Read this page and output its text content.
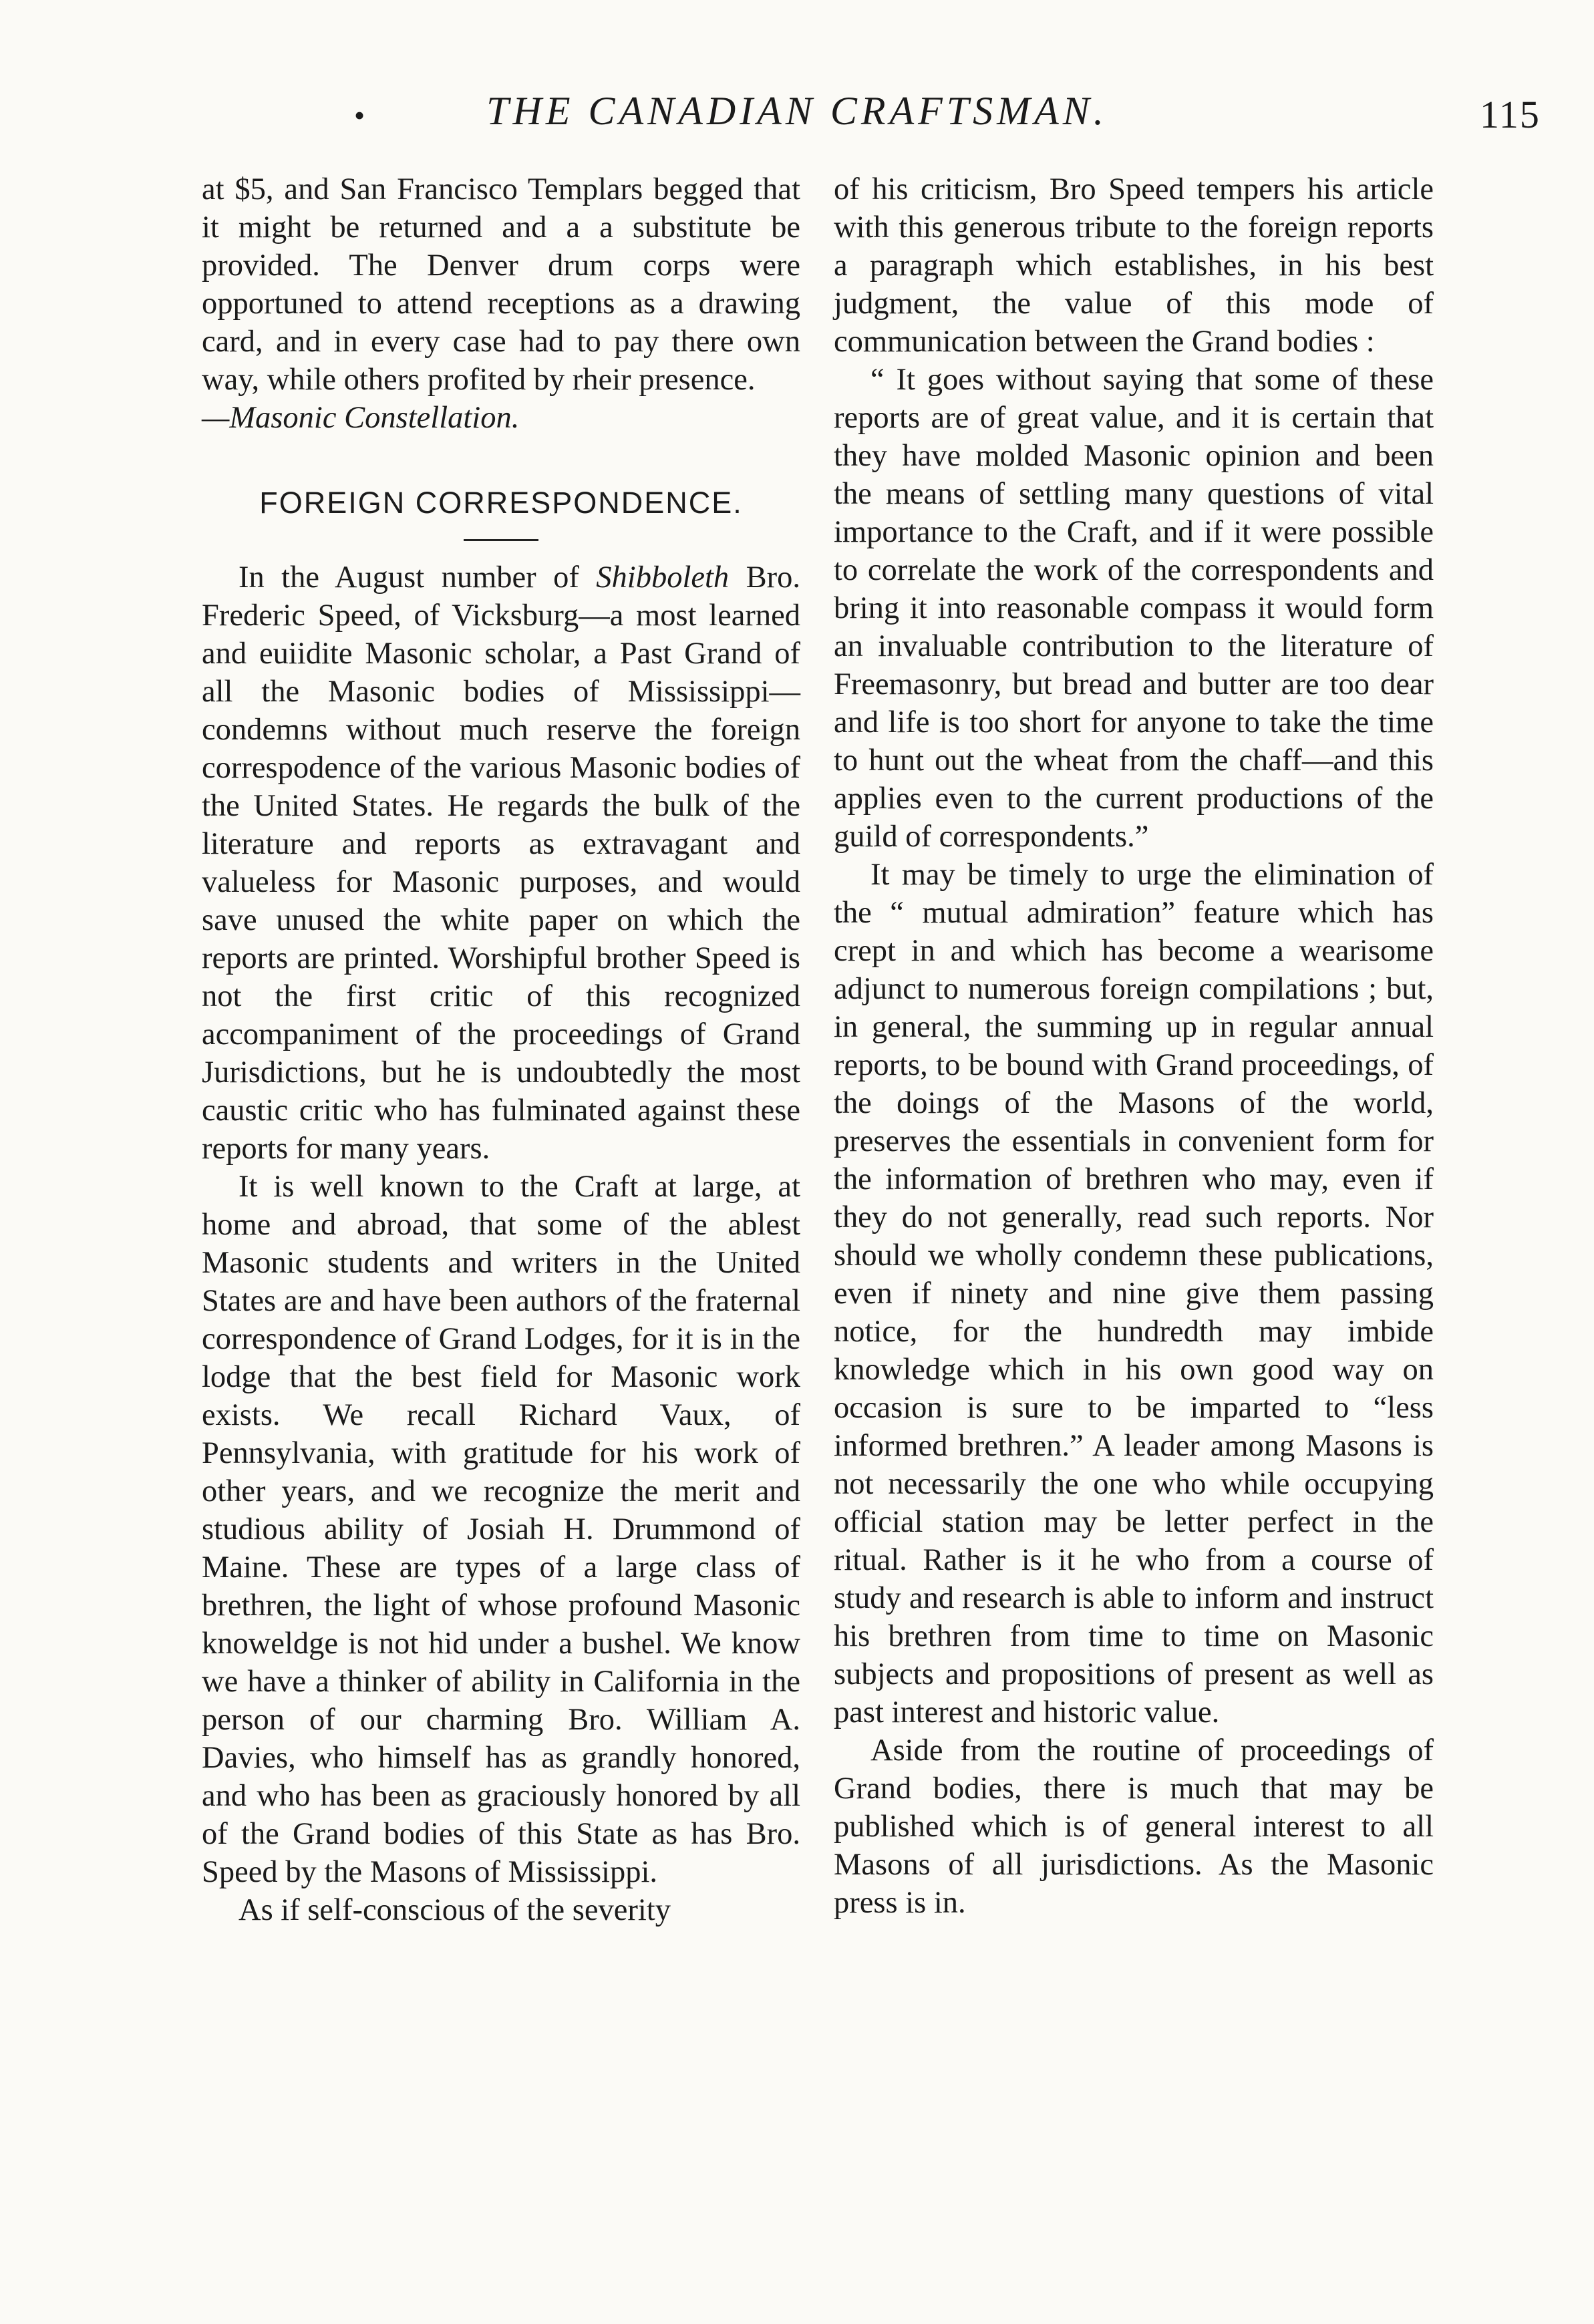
•	THE CANADIAN CRAFTSMAN.	115

at $5, and San Francisco Templars begged that it might be returned and a a substitute be provided. The Denver drum corps were opportuned to attend receptions as a drawing card, and in every case had to pay there own way, while others profited by rheir presence.
—Masonic Constellation.

FOREIGN CORRESPONDENCE.

In the August number of Shibboleth Bro. Frederic Speed, of Vicksburg—a most learned and euiidite Masonic scholar, a Past Grand of all the Masonic bodies of Mississippi—condemns without much reserve the foreign correspodence of the various Masonic bodies of the United States. He regards the bulk of the literature and reports as extravagant and valueless for Masonic purposes, and would save unused the white paper on which the reports are printed. Worshipful brother Speed is not the first critic of this recognized accompaniment of the proceedings of Grand Jurisdictions, but he is undoubtedly the most caustic critic who has fulminated against these reports for many years.

It is well known to the Craft at large, at home and abroad, that some of the ablest Masonic students and writers in the United States are and have been authors of the fraternal correspondence of Grand Lodges, for it is in the lodge that the best field for Masonic work exists. We recall Richard Vaux, of Pennsylvania, with gratitude for his work of other years, and we recognize the merit and studious ability of Josiah H. Drummond of Maine. These are types of a large class of brethren, the light of whose profound Masonic knoweldge is not hid under a bushel. We know we have a thinker of ability in California in the person of our charming Bro. William A. Davies, who himself has as grandly honored, and who has been as graciously honored by all of the Grand bodies of this State as has Bro. Speed by the Masons of Mississippi.

As if self-conscious of the severity

of his criticism, Bro Speed tempers his article with this generous tribute to the foreign reports a paragraph which establishes, in his best judgment, the value of this mode of communication between the Grand bodies :

“ It goes without saying that some of these reports are of great value, and it is certain that they have molded Masonic opinion and been the means of settling many questions of vital importance to the Craft, and if it were possible to correlate the work of the correspondents and bring it into reasonable compass it would form an invaluable contribution to the literature of Freemasonry, but bread and butter are too dear and life is too short for anyone to take the time to hunt out the wheat from the chaff—and this applies even to the current productions of the guild of correspondents.”

It may be timely to urge the elimination of the “ mutual admiration” feature which has crept in and which has become a wearisome adjunct to numerous foreign compilations ; but, in general, the summing up in regular annual reports, to be bound with Grand proceedings, of the doings of the Masons of the world, preserves the essentials in convenient form for the information of brethren who may, even if they do not generally, read such reports. Nor should we wholly condemn these publications, even if ninety and nine give them passing notice, for the hundredth may imbide knowledge which in his own good way on occasion is sure to be imparted to “less informed brethren.” A leader among Masons is not necessarily the one who while occupying official station may be letter perfect in the ritual. Rather is it he who from a course of study and research is able to inform and instruct his brethren from time to time on Masonic subjects and propositions of present as well as past interest and historic value.

Aside from the routine of proceedings of Grand bodies, there is much that may be published which is of general interest to all Masons of all jurisdictions. As the Masonic press is in.
